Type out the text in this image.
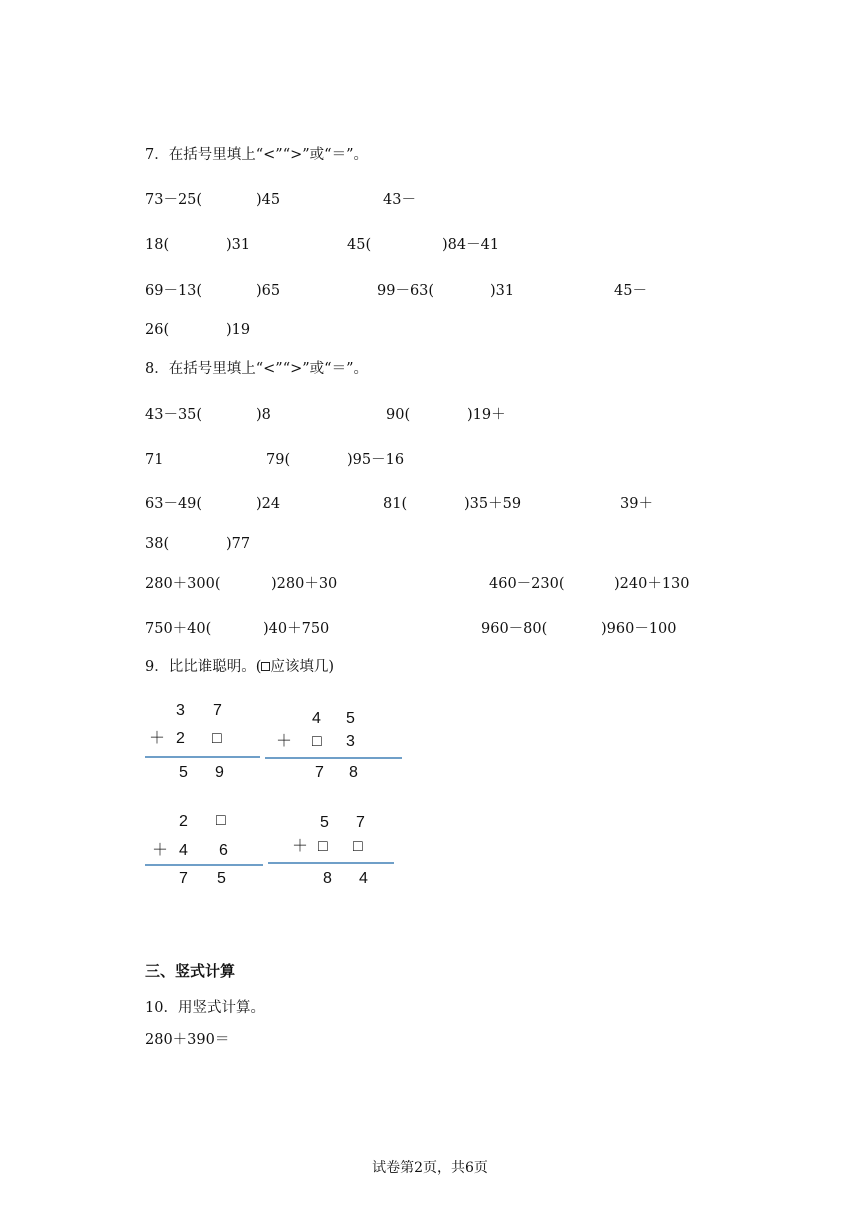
7．在括号里填上“<”“>”或“＝”。
73－25(	)45	43－
18(	)31	45(	)84－41
69－13(	)65	99－63(	)31	45－
26(	)19
8．在括号里填上“<”“>”或“＝”。
43－35(	)8	90(	)19＋
71	79(	)95－16
63－49(	)24	81(	)35＋59	39＋
38(	)77
280＋300(	)280＋30	460－230(	)240＋130
750＋40(	)40＋750	960－80(	)960－100
9．比比谁聪明。( 应该填几)
3 7
＋ 2 □
5 9
4 5
＋ □ 3
7 8
2 □
＋ 4 6
7 5
5 7
＋ □ □
8 4
三、竖式计算
10．用竖式计算。
280＋390＝
试卷第2页，共6页
